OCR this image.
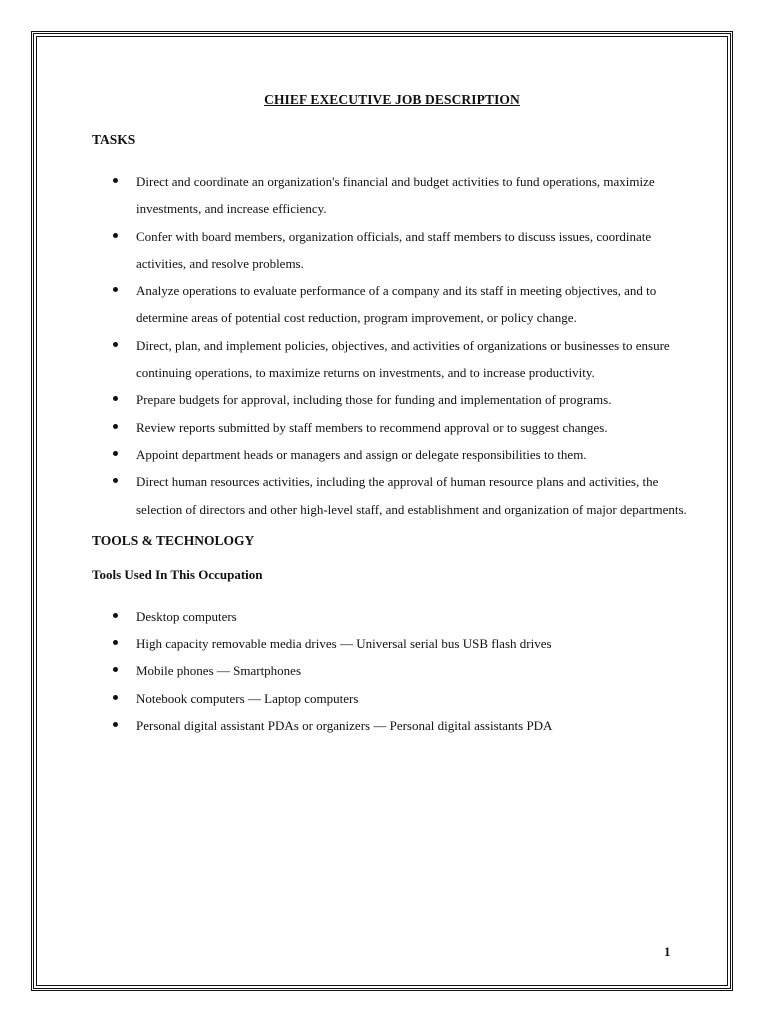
CHIEF EXECUTIVE JOB DESCRIPTION
TASKS
Direct and coordinate an organization's financial and budget activities to fund operations, maximize investments, and increase efficiency.
Confer with board members, organization officials, and staff members to discuss issues, coordinate activities, and resolve problems.
Analyze operations to evaluate performance of a company and its staff in meeting objectives, and to determine areas of potential cost reduction, program improvement, or policy change.
Direct, plan, and implement policies, objectives, and activities of organizations or businesses to ensure continuing operations, to maximize returns on investments, and to increase productivity.
Prepare budgets for approval, including those for funding and implementation of programs.
Review reports submitted by staff members to recommend approval or to suggest changes.
Appoint department heads or managers and assign or delegate responsibilities to them.
Direct human resources activities, including the approval of human resource plans and activities, the selection of directors and other high-level staff, and establishment and organization of major departments.
TOOLS & TECHNOLOGY
Tools Used In This Occupation
Desktop computers
High capacity removable media drives — Universal serial bus USB flash drives
Mobile phones — Smartphones
Notebook computers — Laptop computers
Personal digital assistant PDAs or organizers — Personal digital assistants PDA
1
